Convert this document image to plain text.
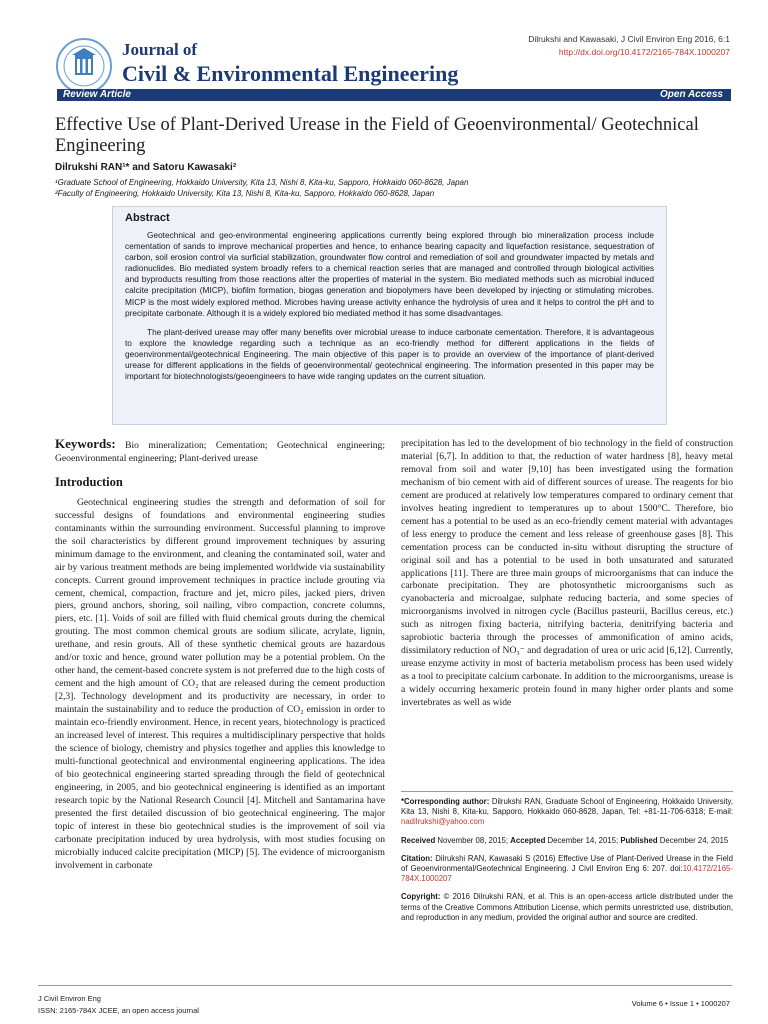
Journal of
Civil & Environmental Engineering
Dilrukshi and Kawasaki, J Civil Environ Eng 2016, 6:1
http://dx.doi.org/10.4172/2165-784X.1000207
Review Article	Open Access
Effective Use of Plant-Derived Urease in the Field of Geoenvironmental/ Geotechnical Engineering
Dilrukshi RAN¹* and Satoru Kawasaki²
¹Graduate School of Engineering, Hokkaido University, Kita 13, Nishi 8, Kita-ku, Sapporo, Hokkaido 060-8628, Japan
²Faculty of Engineering, Hokkaido University, Kita 13, Nishi 8, Kita-ku, Sapporo, Hokkaido 060-8628, Japan
Abstract

Geotechnical and geo-environmental engineering applications currently being explored through bio mineralization process include cementation of sands to improve mechanical properties and hence, to enhance bearing capacity and liquefaction resistance, sequestration of carbon, soil erosion control via surficial stabilization, groundwater flow control and remediation of soil and groundwater impacted by metals and radionuclides. Bio mediated system broadly refers to a chemical reaction series that are managed and controlled through biological activities and byproducts resulting from those reactions alter the properties of material in the system. Bio mediated methods such as microbial induced calcite precipitation (MICP), biofilm formation, biogas generation and biopolymers have been developed by injecting or stimulating microbes. MICP is the most widely explored method. Microbes having urease activity enhance the hydrolysis of urea and it helps to control the pH and to precipitate carbonate. Although it is a widely explored bio mediated method it has some disadvantages.

The plant-derived urease may offer many benefits over microbial urease to induce carbonate cementation. Therefore, it is advantageous to explore the knowledge regarding such a technique as an eco-friendly method for different applications in the fields of geoenvironmental/geotechnical Engineering. The main objective of this paper is to provide an overview of the importance of plant-derived urease for different applications in the fields of geoenvironmental/ geotechnical engineering. The information presented in this paper may be important for biotechnologists/geoengineers to have wide ranging updates on the current situation.

Keywords: Bio mineralization; Cementation; Geotechnical engineering; Geoenvironmental engineering; Plant-derived urease

Introduction

Geotechnical engineering studies the strength and deformation of soil for successful designs of foundations and environmental engineering studies contaminants within the surrounding environment. Successful planning to improve the soil characteristics by different ground improvement techniques by assuring minimum damage to the environment, and cleaning the contaminated soil, water and air by various treatment methods are being implemented worldwide via sustainability concepts. Current ground improvement techniques in practice include grouting via cement, chemical, compaction, fracture and jet, micro piles, jacked piers, driven piers, ground anchors, shoring, soil nailing, vibro compaction, concrete columns, piers, etc. [1]. Voids of soil are filled with fluid chemical grouts during the chemical grouting. The most common chemical grouts are sodium silicate, acrylate, lignin, urethane, and resin grouts. All of these synthetic chemical grouts are hazardous and/or toxic and hence, ground water pollution may be a potential problem. On the other hand, the cement-based concrete system is not preferred due to the high costs of cement and the high amount of CO₂ that are released during the cement production [2,3]. Technology development and its productivity are necessary, in order to maintain the sustainability and to reduce the production of CO₂ emission in order to maintain eco-friendly environment. Hence, in recent years, biotechnology is practiced an increased level of interest. This requires a multidisciplinary perspective that holds the science of biology, chemistry and physics together and applies this knowledge to multi-functional geotechnical and environmental engineering applications. The idea of bio geotechnical engineering started spreading through the field of geotechnical engineering, in 2005, and bio geotechnical engineering is identified as an important research topic by the National Research Council [4]. Mitchell and Santamarina have presented the first detailed discussion of bio geotechnical engineering. The major topic of interest in these bio geotechnical studies is the improvement of soil via carbonate precipitation induced by urea hydrolysis, with most studies focusing on microbially induced calcite precipitation (MICP) [5]. The evidence of microorganism involvement in carbonate

precipitation has led to the development of bio technology in the field of construction material [6,7]. In addition to that, the reduction of water hardness [8], heavy metal removal from soil and water [9,10] has been investigated using the formation mechanism of bio cement with aid of different sources of urease. The reagents for bio cement are produced at relatively low temperatures compared to ordinary cement that involves heating ingredient to temperatures up to about 1500°C. Therefore, bio cement has a potential to be used as an eco-friendly cement material with advantages of less energy to produce the cement and less release of greenhouse gases [8]. This cementation process can be conducted in-situ without disrupting the structure of original soil and has a potential to be used in both unsaturated and saturated applications [11]. There are three main groups of microorganisms that can induce the carbonate precipitation. They are photosynthetic microorganisms such as cyanobacteria and microalgae, sulphate reducing bacteria, and some species of microorganisms involved in nitrogen cycle (Bacillus pasteurii, Bacillus cereus, etc.) such as nitrogen fixing bacteria, nitrifying bacteria, denitrifying bacteria and saprobiotic bacteria through the processes of ammonification of amino acids, dissimilatory reduction of NO₃⁻ and degradation of urea or uric acid [6,12]. Currently, urease enzyme activity in most of bacteria metabolism process has been used widely as a tool to precipitate calcium carbonate. In addition to the microorganisms, urease is a widely occurring hexameric protein found in many higher order plants and some invertebrates as well as wide

*Corresponding author: Dilrukshi RAN, Graduate School of Engineering, Hokkaido University, Kita 13, Nishi 8, Kita-ku, Sapporo, Hokkaido 060-8628, Japan, Tel: +81-11-706-6318; E-mail: nadilrukshi@yahoo.com

Received November 08, 2015; Accepted December 14, 2015; Published December 24, 2015

Citation: Dilrukshi RAN, Kawasaki S (2016) Effective Use of Plant-Derived Urease in the Field of Geoenvironmental/Geotechnical Engineering. J Civil Environ Eng 6: 207. doi:10.4172/2165-784X.1000207

Copyright: © 2016 Dilrukshi RAN, et al. This is an open-access article distributed under the terms of the Creative Commons Attribution License, which permits unrestricted use, distribution, and reproduction in any medium, provided the original author and source are credited.

J Civil Environ Eng
ISSN: 2165-784X JCEE, an open access journal
Volume 6 • Issue 1 • 1000207
